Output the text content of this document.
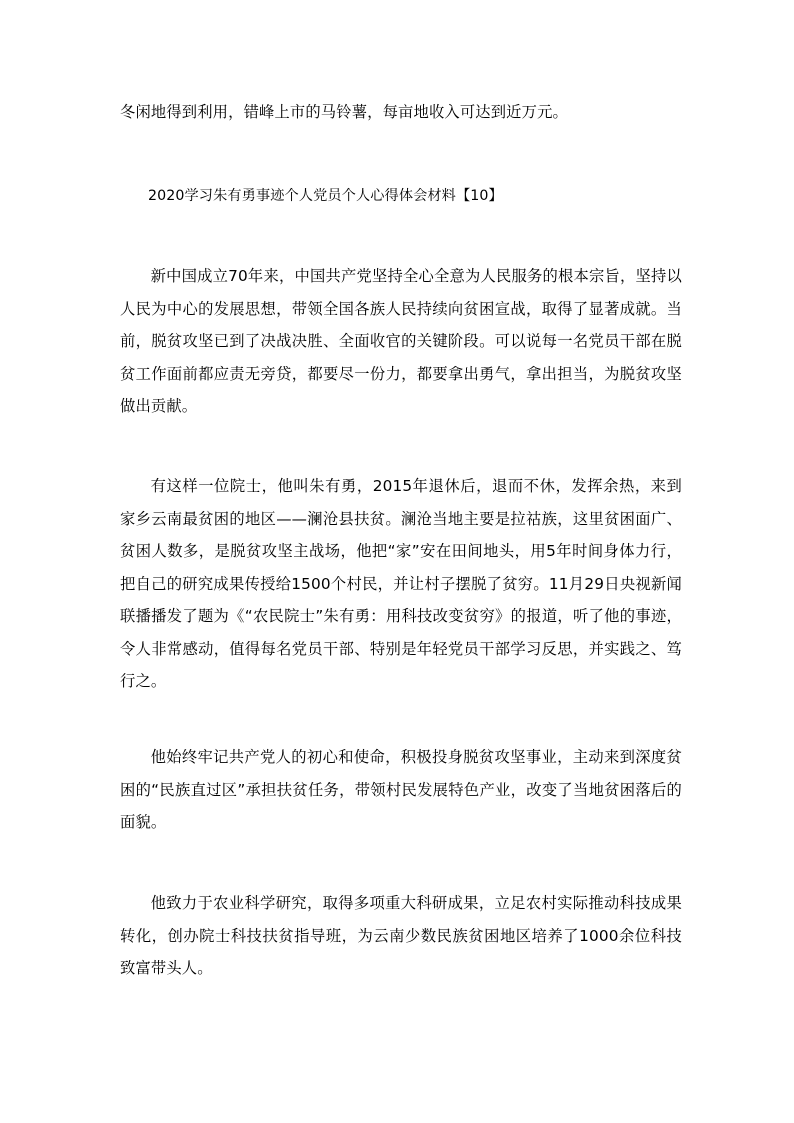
冬闲地得到利用，错峰上市的马铃薯，每亩地收入可达到近万元。

2020学习朱有勇事迹个人党员个人心得体会材料【10】

新中国成立70年来，中国共产党坚持全心全意为人民服务的根本宗旨，坚持以人民为中心的发展思想，带领全国各族人民持续向贫困宣战，取得了显著成就。当前，脱贫攻坚已到了决战决胜、全面收官的关键阶段。可以说每一名党员干部在脱贫工作面前都应责无旁贷，都要尽一份力，都要拿出勇气，拿出担当，为脱贫攻坚做出贡献。

有这样一位院士，他叫朱有勇，2015年退休后，退而不休，发挥余热，来到家乡云南最贫困的地区——澜沧县扶贫。澜沧当地主要是拉祜族，这里贫困面广、贫困人数多，是脱贫攻坚主战场，他把“家”安在田间地头，用5年时间身体力行，把自己的研究成果传授给1500个村民，并让村子摆脱了贫穷。11月29日央视新闻联播播发了题为《“农民院士”朱有勇：用科技改变贫穷》的报道，听了他的事迹，令人非常感动，值得每名党员干部、特别是年轻党员干部学习反思，并实践之、笃行之。

他始终牢记共产党人的初心和使命，积极投身脱贫攻坚事业，主动来到深度贫困的“民族直过区”承担扶贫任务，带领村民发展特色产业，改变了当地贫困落后的面貌。

他致力于农业科学研究，取得多项重大科研成果，立足农村实际推动科技成果转化，创办院士科技扶贫指导班，为云南少数民族贫困地区培养了1000余位科技致富带头人。
